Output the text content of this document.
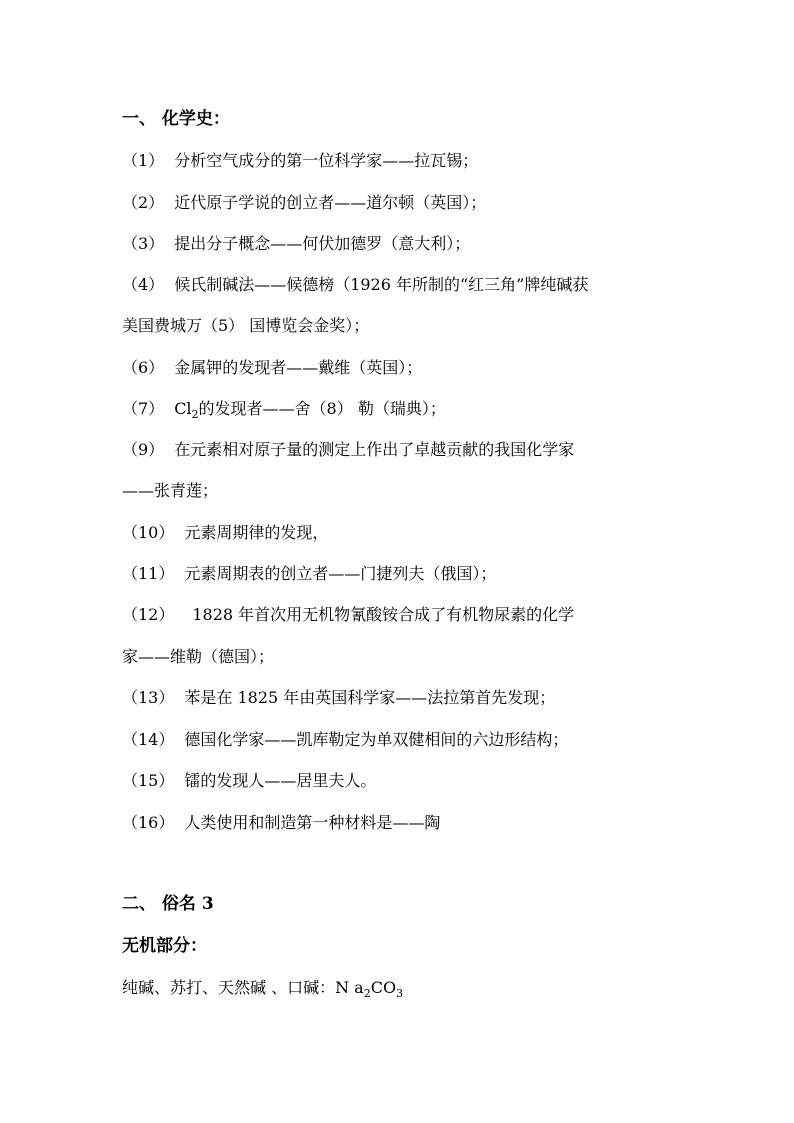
一、 化学史：
（1） 分析空气成分的第一位科学家——拉瓦锡；
（2） 近代原子学说的创立者——道尔顿（英国）；
（3） 提出分子概念——何伏加德罗（意大利）；
（4） 候氏制碱法——候德榜（1926 年所制的“红三角”牌纯碱获
美国费城万（5） 国博览会金奖）；
（6） 金属钾的发现者——戴维（英国）；
（7） $Cl_2$的发现者——舍（8） 勒（瑞典）；
（9） 在元素相对原子量的测定上作出了卓越贡献的我国化学家
——张青莲；
（10） 元素周期律的发现，
（11） 元素周期表的创立者——门捷列夫（俄国）；
（12） 1828 年首次用无机物氰酸铵合成了有机物尿素的化学
家——维勒（德国）；
（13） 苯是在 1825 年由英国科学家——法拉第首先发现；
（14） 德国化学家——凯库勒定为单双健相间的六边形结构；
（15） 镭的发现人——居里夫人。
（16） 人类使用和制造第一种材料是——陶
二、 俗名 3
无机部分：
纯碱、苏打、天然碱 、口碱：N $a_2CO_3$
